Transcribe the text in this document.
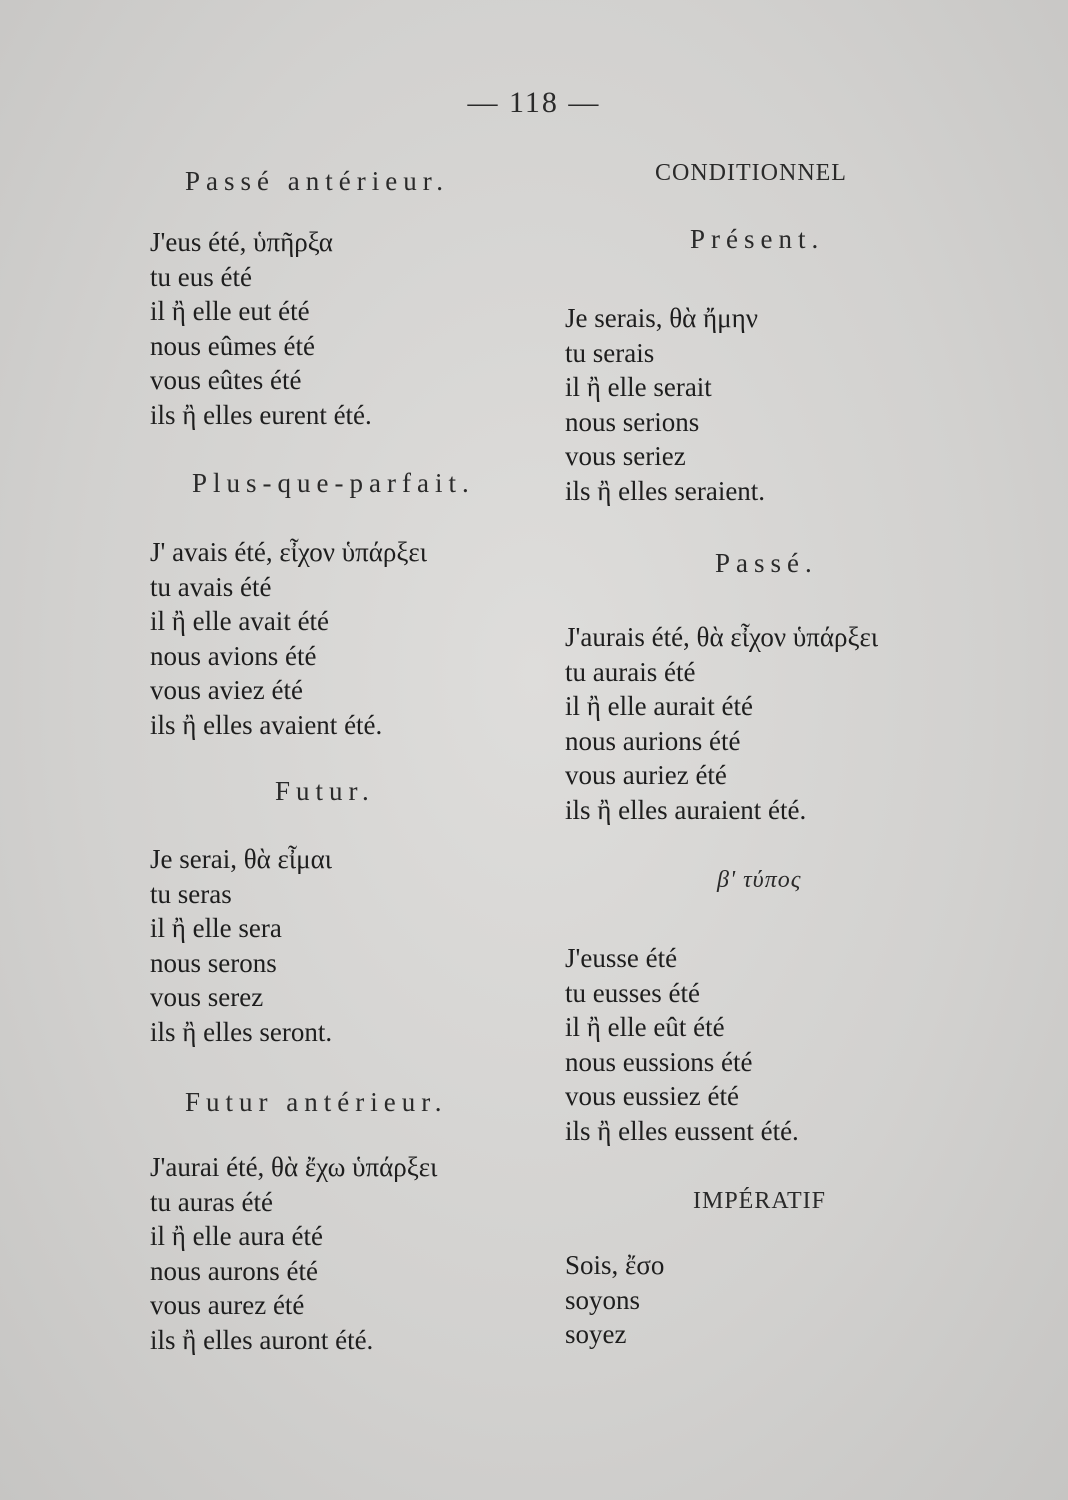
— 118 —
Passé antérieur.
J'eus été, ὑπῆρξα
tu eus été
il ἢ elle eut été
nous eûmes été
vous eûtes été
ils ἢ elles eurent été.
Plus-que-parfait.
J' avais été, εἶχον ὑπάρξει
tu avais été
il ἢ elle avait été
nous avions été
vous aviez été
ils ἢ elles avaient été.
Futur.
Je serai, θὰ εἶμαι
tu seras
il ἢ elle sera
nous serons
vous serez
ils ἢ elles seront.
Futur antérieur.
J'aurai été, θὰ ἔχω ὑπάρξει
tu auras été
il ἢ elle aura été
nous aurons été
vous aurez été
ils ἢ elles auront été.
CONDITIONNEL
Présent.
Je serais, θὰ ἤμην
tu serais
il ἢ elle serait
nous serions
vous seriez
ils ἢ elles seraient.
Passé.
J'aurais été, θὰ εἶχον ὑπάρξει
tu aurais été
il ἢ elle aurait été
nous aurions été
vous auriez été
ils ἢ elles auraient été.
β' τύπος
J'eusse été
tu eusses été
il ἢ elle eût été
nous eussions été
vous eussiez été
ils ἢ elles eussent été.
IMPÉRATIF
Sois, ἔσο
soyons
soyez
